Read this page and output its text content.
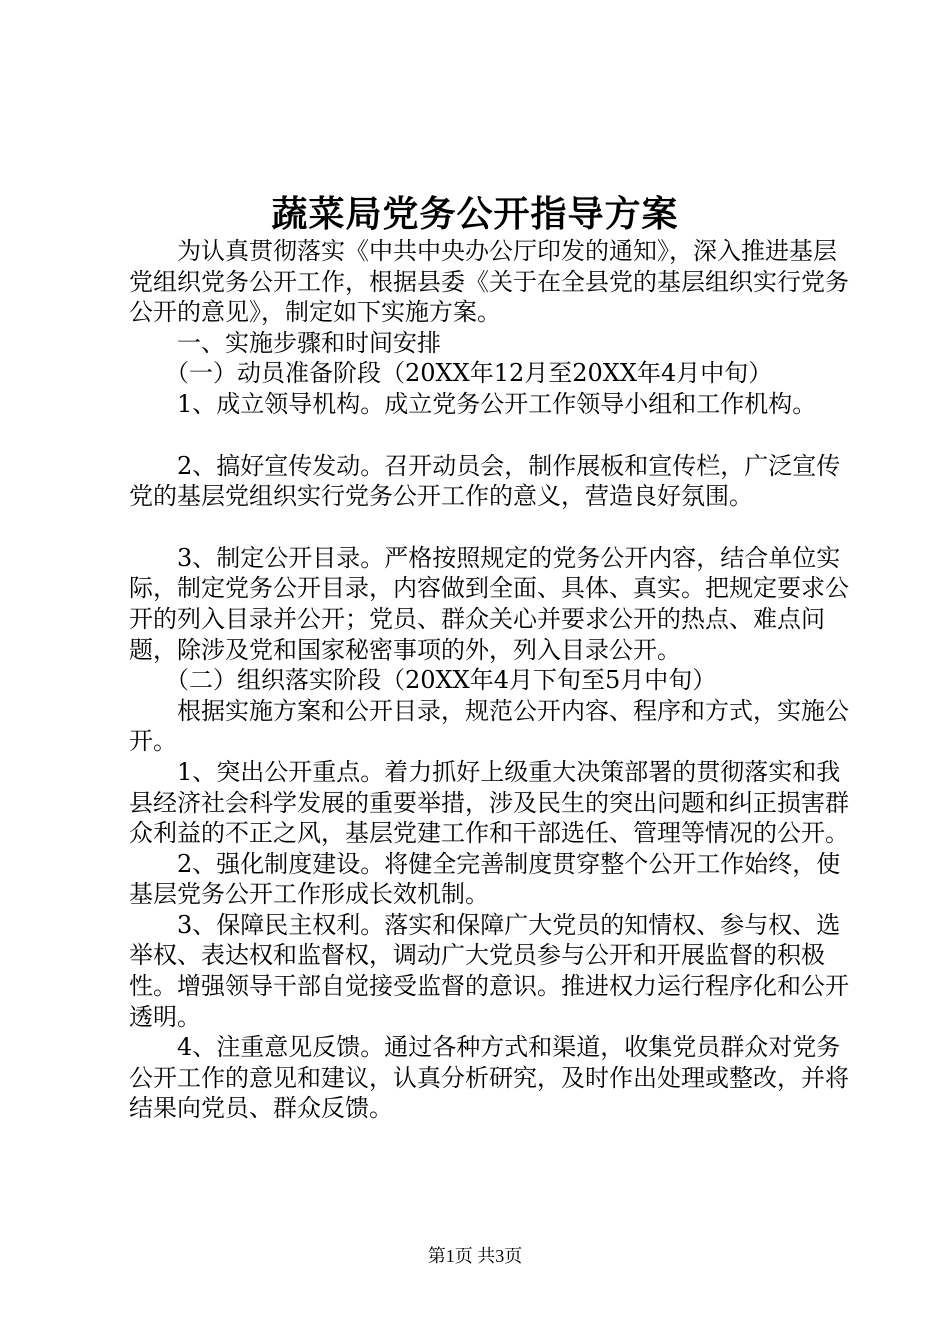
蔬菜局党务公开指导方案

为认真贯彻落实《中共中央办公厅印发的通知》，深入推进基层党组织党务公开工作，根据县委《关于在全县党的基层组织实行党务公开的意见》，制定如下实施方案。

一、实施步骤和时间安排

（一）动员准备阶段（20XX年12月至20XX年4月中旬）

1、成立领导机构。成立党务公开工作领导小组和工作机构。

2、搞好宣传发动。召开动员会，制作展板和宣传栏，广泛宣传党的基层党组织实行党务公开工作的意义，营造良好氛围。

3、制定公开目录。严格按照规定的党务公开内容，结合单位实际，制定党务公开目录，内容做到全面、具体、真实。把规定要求公开的列入目录并公开；党员、群众关心并要求公开的热点、难点问题，除涉及党和国家秘密事项的外，列入目录公开。

（二）组织落实阶段（20XX年4月下旬至5月中旬）

根据实施方案和公开目录，规范公开内容、程序和方式，实施公开。

1、突出公开重点。着力抓好上级重大决策部署的贯彻落实和我县经济社会科学发展的重要举措，涉及民生的突出问题和纠正损害群众利益的不正之风，基层党建工作和干部选任、管理等情况的公开。

2、强化制度建设。将健全完善制度贯穿整个公开工作始终，使基层党务公开工作形成长效机制。

3、保障民主权利。落实和保障广大党员的知情权、参与权、选举权、表达权和监督权，调动广大党员参与公开和开展监督的积极性。增强领导干部自觉接受监督的意识。推进权力运行程序化和公开透明。

4、注重意见反馈。通过各种方式和渠道，收集党员群众对党务公开工作的意见和建议，认真分析研究，及时作出处理或整改，并将结果向党员、群众反馈。

第1页 共3页
